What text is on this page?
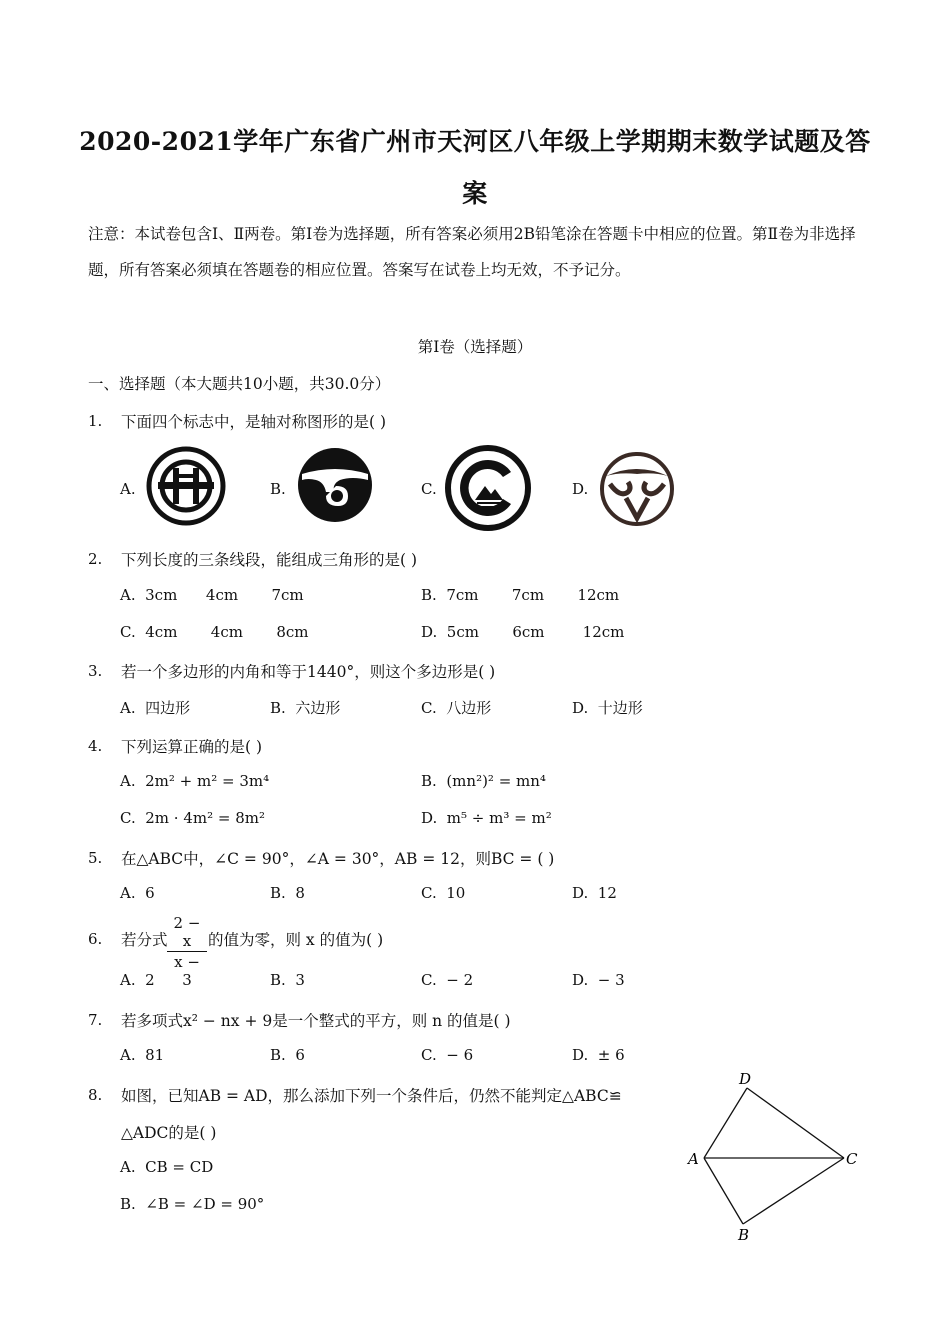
2020-2021学年广东省广州市天河区八年级上学期期末数学试题及答
案
注意：本试卷包含Ⅰ、Ⅱ两卷。第Ⅰ卷为选择题，所有答案必须用2B铅笔涂在答题卡中相应的位置。第Ⅱ卷为非选择题，所有答案必须填在答题卷的相应位置。答案写在试卷上均无效，不予记分。
第Ⅰ卷（选择题）
一、选择题（本大题共10小题，共30.0分）
1. 下面四个标志中，是轴对称图形的是( )
A.	B.	C.	D.
2. 下列长度的三条线段，能组成三角形的是( )
A.  3cm      4cm       7cm	B.  7cm       7cm       12cm
C.  4cm       4cm       8cm	D.  5cm       6cm        12cm
3. 若一个多边形的内角和等于1440°，则这个多边形是( )
A.  四边形	B.  六边形	C.  八边形	D.  十边形
4. 下列运算正确的是( )
A.  2m² + m² = 3m⁴	B.  (mn²)² = mn⁴
C.  2m · 4m² = 8m²	D.  m⁵ ÷ m³ = m²
5. 在△ABC中，∠C = 90°，∠A = 30°，AB = 12，则BC = ( )
A.  6	B.  8	C.  10	D.  12
6. 若分式
2 − x
x − 3
的值为零，则 x 的值为( )
A.  2	B.  3	C.  − 2	D.  − 3
7. 若多项式x² − nx + 9是一个整式的平方，则 n 的值是( )
A.  81	B.  6	C.  − 6	D.  ± 6
8. 如图，已知AB = AD，那么添加下列一个条件后，仍然不能判定△ABC≌
△ADC的是( )
A.  CB = CD
B.  ∠B = ∠D = 90°
D
A	C
B
